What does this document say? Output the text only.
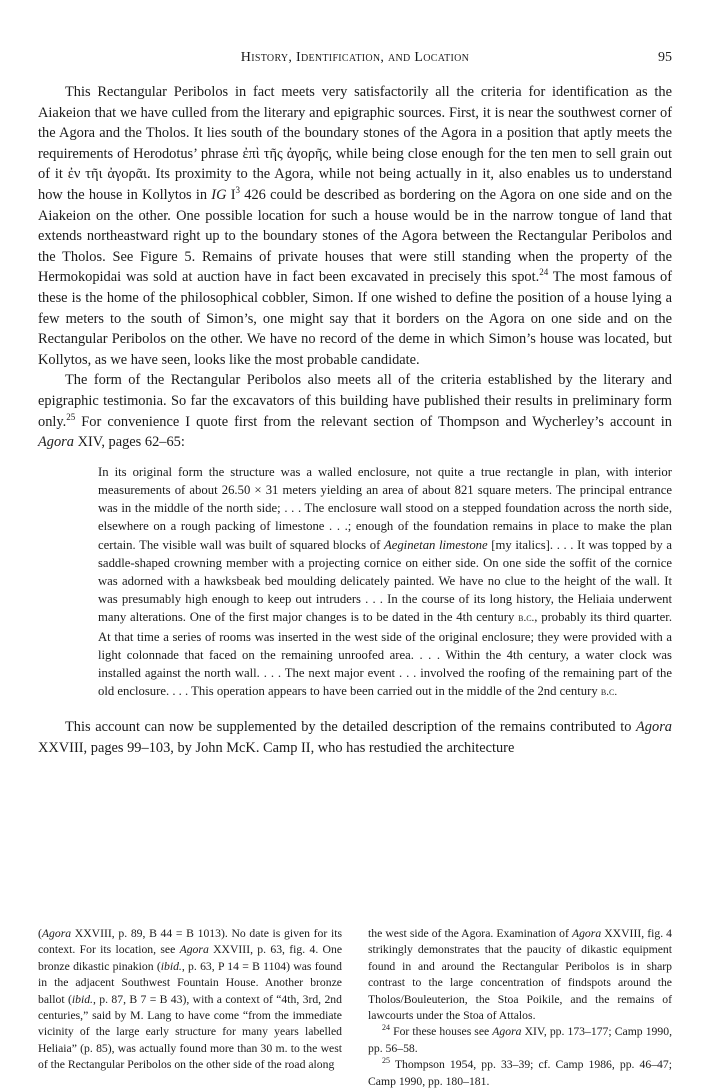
History, Identification, and Location	95

This Rectangular Peribolos in fact meets very satisfactorily all the criteria for identification as the Aiakeion that we have culled from the literary and epigraphic sources. First, it is near the southwest corner of the Agora and the Tholos. It lies south of the boundary stones of the Agora in a position that aptly meets the requirements of Herodotus’ phrase ἐπὶ τῆς ἀγορῆς, while being close enough for the ten men to sell grain out of it ἐν τῆι ἀγορᾶι. Its proximity to the Agora, while not being actually in it, also enables us to understand how the house in Kollytos in IG $I^3$ 426 could be described as bordering on the Agora on one side and on the Aiakeion on the other. One possible location for such a house would be in the narrow tongue of land that extends northeastward right up to the boundary stones of the Agora between the Rectangular Peribolos and the Tholos. See Figure 5. Remains of private houses that were still standing when the property of the Hermokopidai was sold at auction have in fact been excavated in precisely this spot.$^{24}$ The most famous of these is the home of the philosophical cobbler, Simon. If one wished to define the position of a house lying a few meters to the south of Simon’s, one might say that it borders on the Agora on one side and on the Rectangular Peribolos on the other. We have no record of the deme in which Simon’s house was located, but Kollytos, as we have seen, looks like the most probable candidate.

The form of the Rectangular Peribolos also meets all of the criteria established by the literary and epigraphic testimonia. So far the excavators of this building have published their results in preliminary form only.$^{25}$ For convenience I quote first from the relevant section of Thompson and Wycherley’s account in Agora XIV, pages 62–65:

In its original form the structure was a walled enclosure, not quite a true rectangle in plan, with interior measurements of about 26.50 × 31 meters yielding an area of about 821 square meters. The principal entrance was in the middle of the north side; . . . The enclosure wall stood on a stepped foundation across the north side, elsewhere on a rough packing of limestone . . .; enough of the foundation remains in place to make the plan certain. The visible wall was built of squared blocks of Aeginetan limestone [my italics]. . . . It was topped by a saddle-shaped crowning member with a projecting cornice on either side. On one side the soffit of the cornice was adorned with a hawksbeak bed moulding delicately painted. We have no clue to the height of the wall. It was presumably high enough to keep out intruders . . . In the course of its long history, the Heliaia underwent many alterations. One of the first major changes is to be dated in the 4th century b.c., probably its third quarter. At that time a series of rooms was inserted in the west side of the original enclosure; they were provided with a light colonnade that faced on the remaining unroofed area. . . . Within the 4th century, a water clock was installed against the north wall. . . . The next major event . . . involved the roofing of the remaining part of the old enclosure. . . . This operation appears to have been carried out in the middle of the 2nd century b.c.

This account can now be supplemented by the detailed description of the remains contributed to Agora XXVIII, pages 99–103, by John McK. Camp II, who has restudied the architecture

(Agora XXVIII, p. 89, B 44 = B 1013). No date is given for its context. For its location, see Agora XXVIII, p. 63, fig. 4. One bronze dikastic pinakion (ibid., p. 63, P 14 = B 1104) was found in the adjacent Southwest Fountain House. Another bronze ballot (ibid., p. 87, B 7 = B 43), with a context of “4th, 3rd, 2nd centuries,” said by M. Lang to have come “from the immediate vicinity of the large early structure for many years labelled Heliaia” (p. 85), was actually found more than 30 m. to the west of the Rectangular Peribolos on the other side of the road along

the west side of the Agora. Examination of Agora XXVIII, fig. 4 strikingly demonstrates that the paucity of dikastic equipment found in and around the Rectangular Peribolos is in sharp contrast to the large concentration of findspots around the Tholos/Bouleuterion, the Stoa Poikile, and the remains of lawcourts under the Stoa of Attalos.

$^{24}$ For these houses see Agora XIV, pp. 173–177; Camp 1990, pp. 56–58.

$^{25}$ Thompson 1954, pp. 33–39; cf. Camp 1986, pp. 46–47; Camp 1990, pp. 180–181.
